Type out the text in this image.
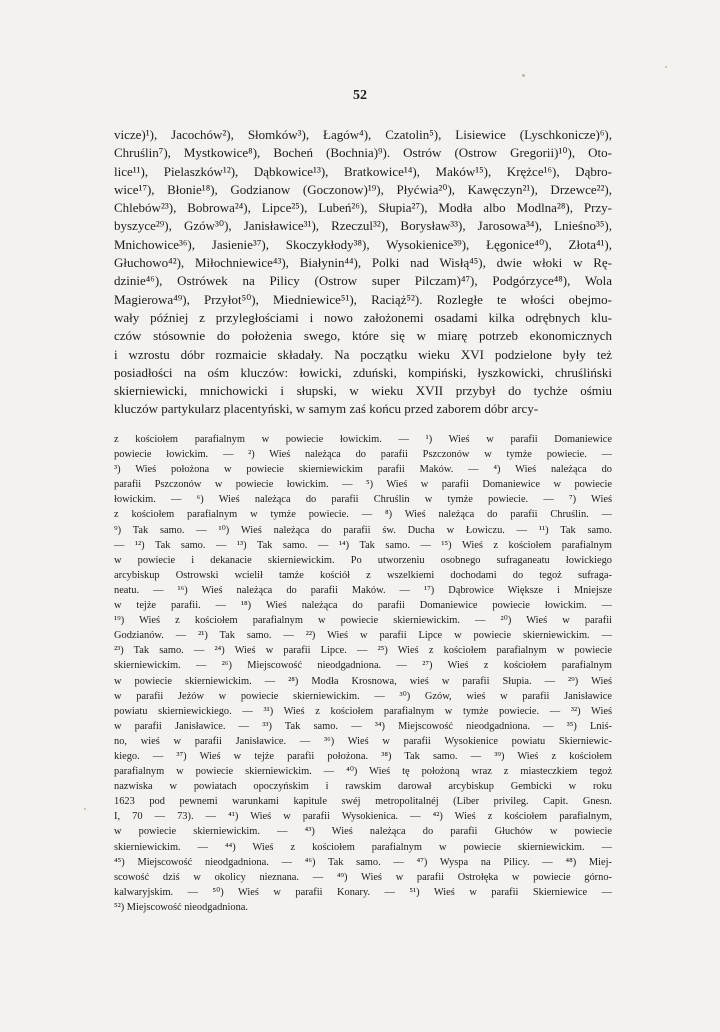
52
vicze)¹), Jacochów²), Słomków³), Łagów⁴), Czatolin⁵), Lisiewice (Lyschkonicze)⁶),
Chruślin⁷), Mystkowice⁸), Bocheń (Bochnia)⁹). Ostrów (Ostrow Gregorii)¹⁰), Oto-
lice¹¹), Pielaszków¹²), Dąbkowice¹³), Bratkowice¹⁴), Maków¹⁵), Krężce¹⁶), Dąbro-
wice¹⁷), Błonie¹⁸), Godzianow (Goczonow)¹⁹), Płyćwia²⁰), Kawęczyn²¹), Drzewce²²),
Chlebów²³), Bobrowa²⁴), Lipce²⁵), Lubeń²⁶), Słupia²⁷), Modła albo Modlna²⁸), Przy-
byszyce²⁹), Gzów³⁰), Janisławice³¹), Rzeczul³²), Borysław³³), Jarosowa³⁴), Lnieśno³⁵),
Mnichowice³⁶), Jasienie³⁷), Skoczykłody³⁸), Wysokienice³⁹), Łęgonice⁴⁰), Złota⁴¹),
Głuchowo⁴²), Miłochniewice⁴³), Białynin⁴⁴), Polki nad Wisłą⁴⁵), dwie włoki w Rę-
dzinie⁴⁶), Ostrówek na Pilicy (Ostrow super Pilczam)⁴⁷), Podgórzyce⁴⁸), Wola
Magierowa⁴⁹), Przyłot⁵⁰), Miedniewice⁵¹), Raciąż⁵²). Rozległe te włości obejmo-
wały później z przyległościami i nowo założonemi osadami kilka odrębnych klu-
czów stósownie do położenia swego, które się w miarę potrzeb ekonomicznych
i wzrostu dóbr rozmaicie składały. Na początku wieku XVI podzielone były też
posiadłości na ośm kluczów: łowicki, zduński, kompiński, łyszkowicki, chruśliński
skierniewicki, mnichowicki i słupski, w wieku XVII przybył do tychże ośmiu
kluczów partykularz placentyński, w samym zaś końcu przed zaborem dóbr arcy-
z kościołem parafialnym w powiecie łowickim. — ¹) Wieś w parafii Domaniewice
powiecie łowickim. — ²) Wieś należąca do parafii Pszczonów w tymże powiecie. —
³) Wieś położona w powiecie skierniewickim parafii Maków. — ⁴) Wieś należąca do
parafii Pszczonów w powiecie łowickim. — ⁵) Wieś w parafii Domaniewice w powiecie
łowickim. — ⁶) Wieś należąca do parafii Chruślin w tymże powiecie. — ⁷) Wieś
z kościołem parafialnym w tymże powiecie. — ⁸) Wieś należąca do parafii Chruślin. —
⁹) Tak samo. — ¹⁰) Wieś należąca do parafii św. Ducha w Łowiczu. — ¹¹) Tak samo.
— ¹²) Tak samo. — ¹³) Tak samo. — ¹⁴) Tak samo. — ¹⁵) Wieś z kościołem parafialnym
w powiecie i dekanacie skierniewickim. Po utworzeniu osobnego sufraganeatu łowickiego
arcybiskup Ostrowski wcielił tamże kościół z wszelkiemi dochodami do tegoż sufraga-
neatu. — ¹⁶) Wieś należąca do parafii Maków. — ¹⁷) Dąbrowice Większe i Mniejsze
w tejże parafii. — ¹⁸) Wieś należąca do parafii Domaniewice powiecie łowickim. —
¹⁹) Wieś z kościołem parafialnym w powiecie skierniewickim. — ²⁰) Wieś w parafii
Godzianów. — ²¹) Tak samo. — ²²) Wieś w parafii Lipce w powiecie skierniewickim. —
²³) Tak samo. — ²⁴) Wieś w parafii Lipce. — ²⁵) Wieś z kościołem parafialnym w powiecie
skierniewickim. — ²⁶) Miejscowość nieodgadniona. — ²⁷) Wieś z kościołem parafialnym
w powiecie skierniewickim. — ²⁸) Modła Krosnowa, wieś w parafii Słupia. — ²⁹) Wieś
w parafii Jeżów w powiecie skierniewickim. — ³⁰) Gzów, wieś w parafii Janisławice
powiatu skierniewickiego. — ³¹) Wieś z kościołem parafialnym w tymże powiecie. — ³²) Wieś
w parafii Janisławice. — ³³) Tak samo. — ³⁴) Miejscowość nieodgadniona. — ³⁵) Lniś-
no, wieś w parafii Janisławice. — ³⁶) Wieś w parafii Wysokienice powiatu Skierniewic-
kiego. — ³⁷) Wieś w tejże parafii położona. ³⁸) Tak samo. — ³⁹) Wieś z kościołem
parafialnym w powiecie skierniewickim. — ⁴⁰) Wieś tę położoną wraz z miasteczkiem tegoż
nazwiska w powiatach opoczyńskim i rawskim darował arcybiskup Gembicki w roku
1623 pod pewnemi warunkami kapitule swéj metropolitalnéj (Liber privileg. Capit. Gnesn.
I, 70 — 73). — ⁴¹) Wieś w parafii Wysokienica. — ⁴²) Wieś z kościołem parafialnym,
w powiecie skierniewickim. — ⁴³) Wieś należąca do parafii Głuchów w powiecie
skierniewickim. — ⁴⁴) Wieś z kościołem parafialnym w powiecie skierniewickim. —
⁴⁵) Miejscowość nieodgadniona. — ⁴⁶) Tak samo. — ⁴⁷) Wyspa na Pilicy. — ⁴⁸) Miej-
scowość dziś w okolicy nieznana. — ⁴⁹) Wieś w parafii Ostrołęka w powiecie górno-
kalwaryjskim. — ⁵⁰) Wieś w parafii Konary. — ⁵¹) Wieś w parafii Skierniewice —
⁵²) Miejscowość nieodgadniona.
